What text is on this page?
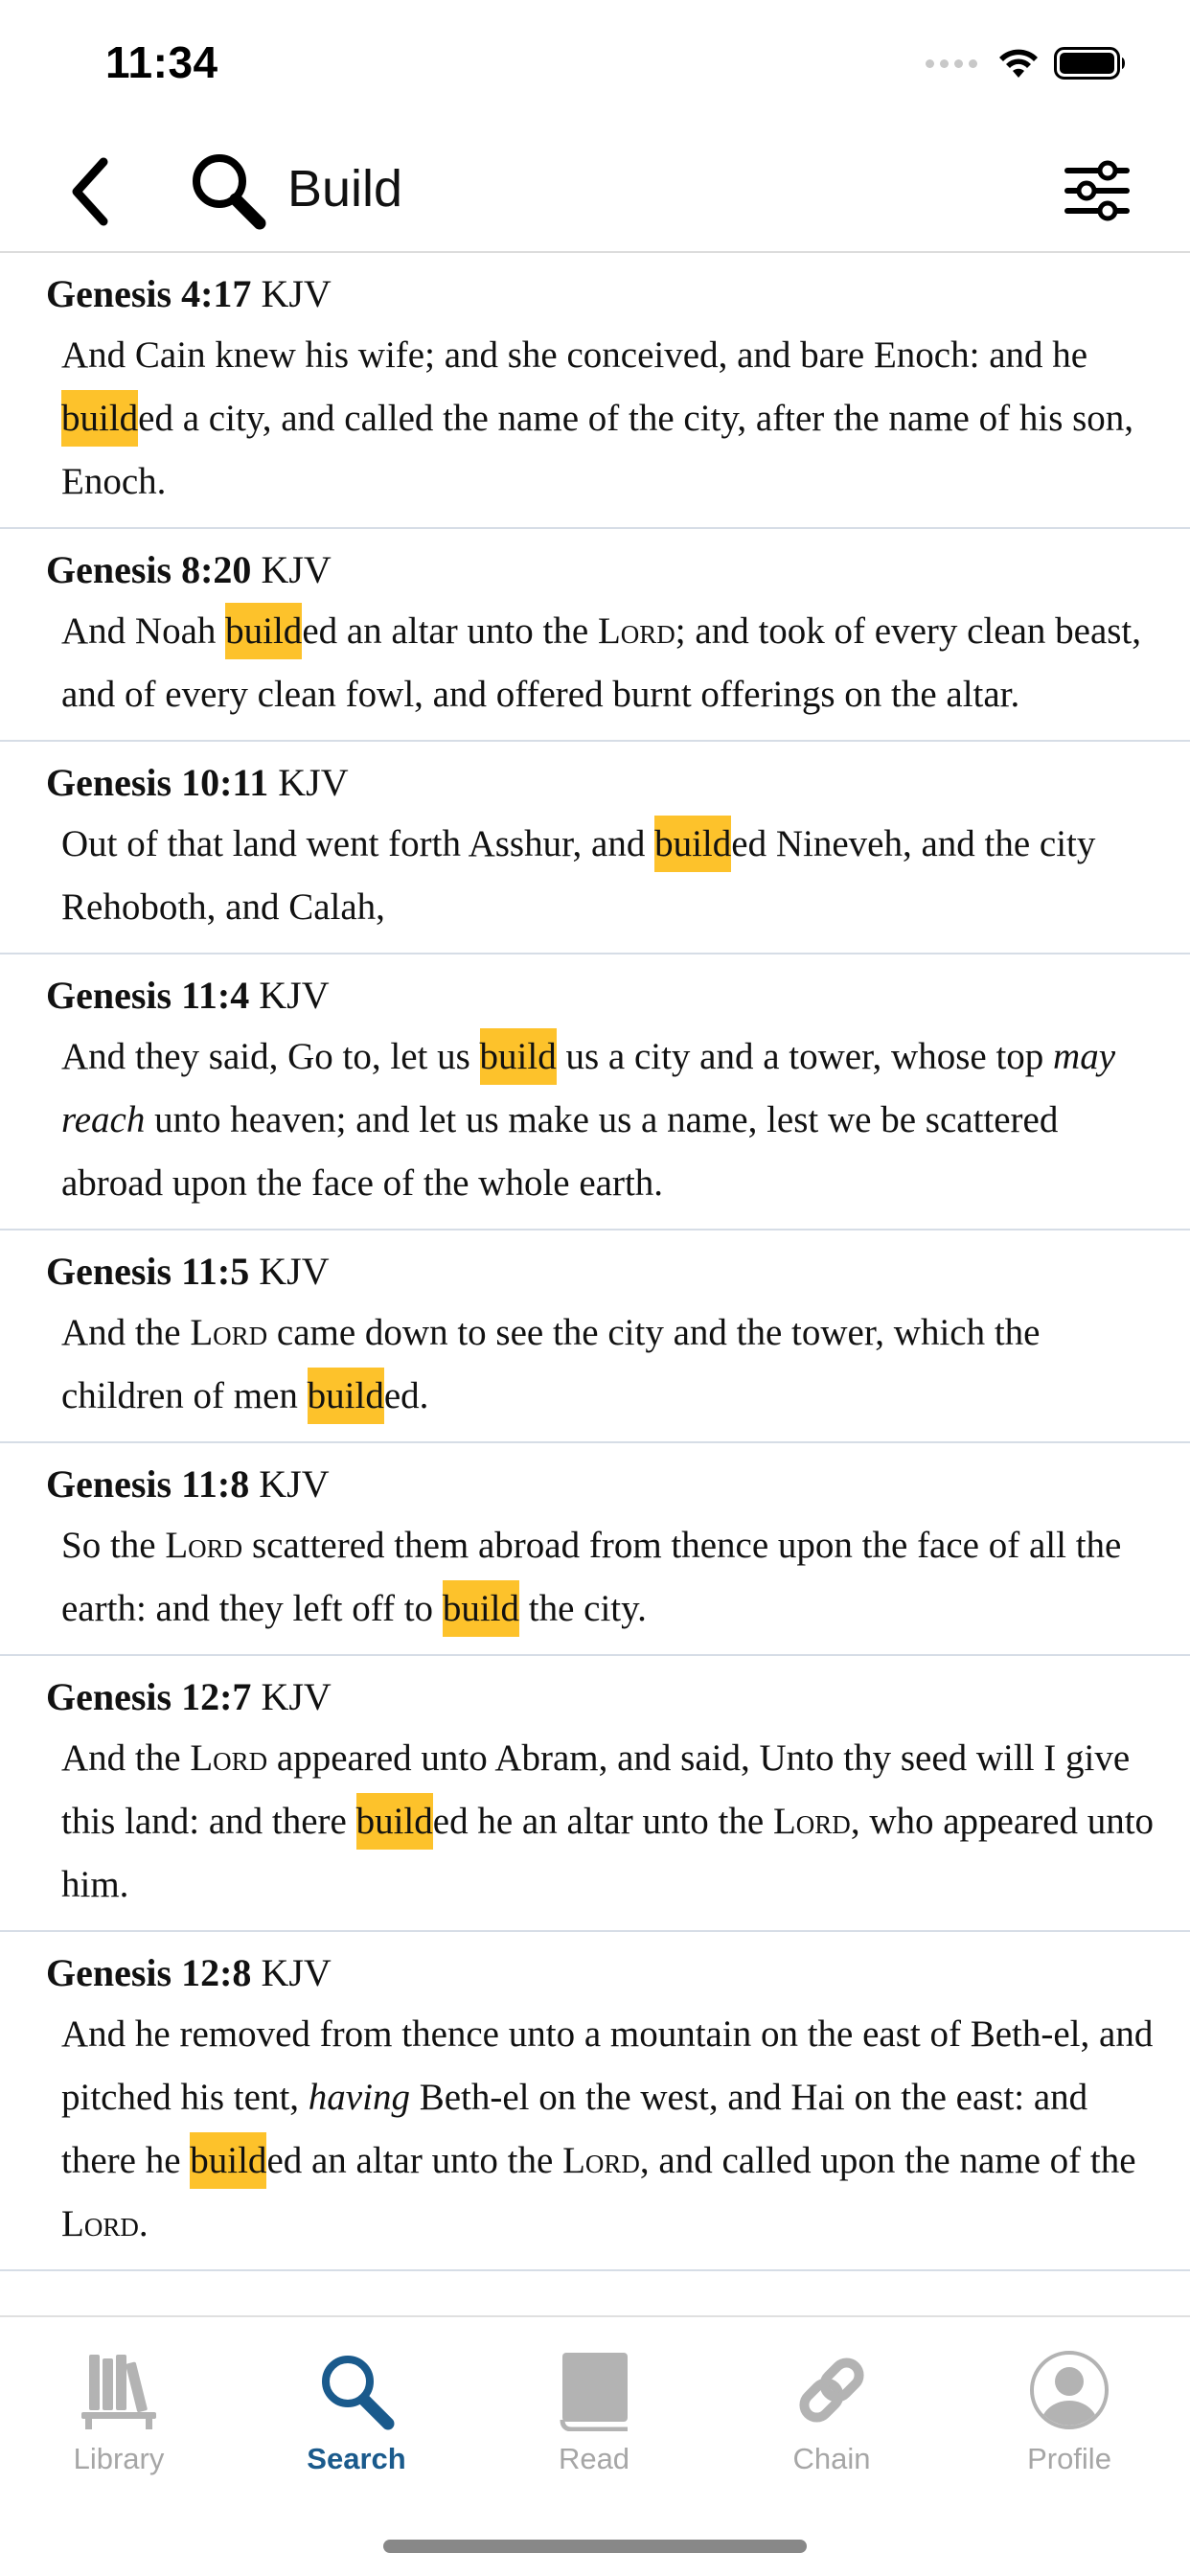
11:34
Build
Genesis 4:17 KJV
And Cain knew his wife; and she conceived, and bare Enoch: and he builded a city, and called the name of the city, after the name of his son, Enoch.
Genesis 8:20 KJV
And Noah builded an altar unto the Lord; and took of every clean beast, and of every clean fowl, and offered burnt offerings on the altar.
Genesis 10:11 KJV
Out of that land went forth Asshur, and builded Nineveh, and the city Rehoboth, and Calah,
Genesis 11:4 KJV
And they said, Go to, let us build us a city and a tower, whose top may reach unto heaven; and let us make us a name, lest we be scattered abroad upon the face of the whole earth.
Genesis 11:5 KJV
And the Lord came down to see the city and the tower, which the children of men builded.
Genesis 11:8 KJV
So the Lord scattered them abroad from thence upon the face of all the earth: and they left off to build the city.
Genesis 12:7 KJV
And the Lord appeared unto Abram, and said, Unto thy seed will I give this land: and there builded he an altar unto the Lord, who appeared unto him.
Genesis 12:8 KJV
And he removed from thence unto a mountain on the east of Beth-el, and pitched his tent, having Beth-el on the west, and Hai on the east: and there he builded an altar unto the Lord, and called upon the name of the Lord.
Library	Search	Read	Chain	Profile
